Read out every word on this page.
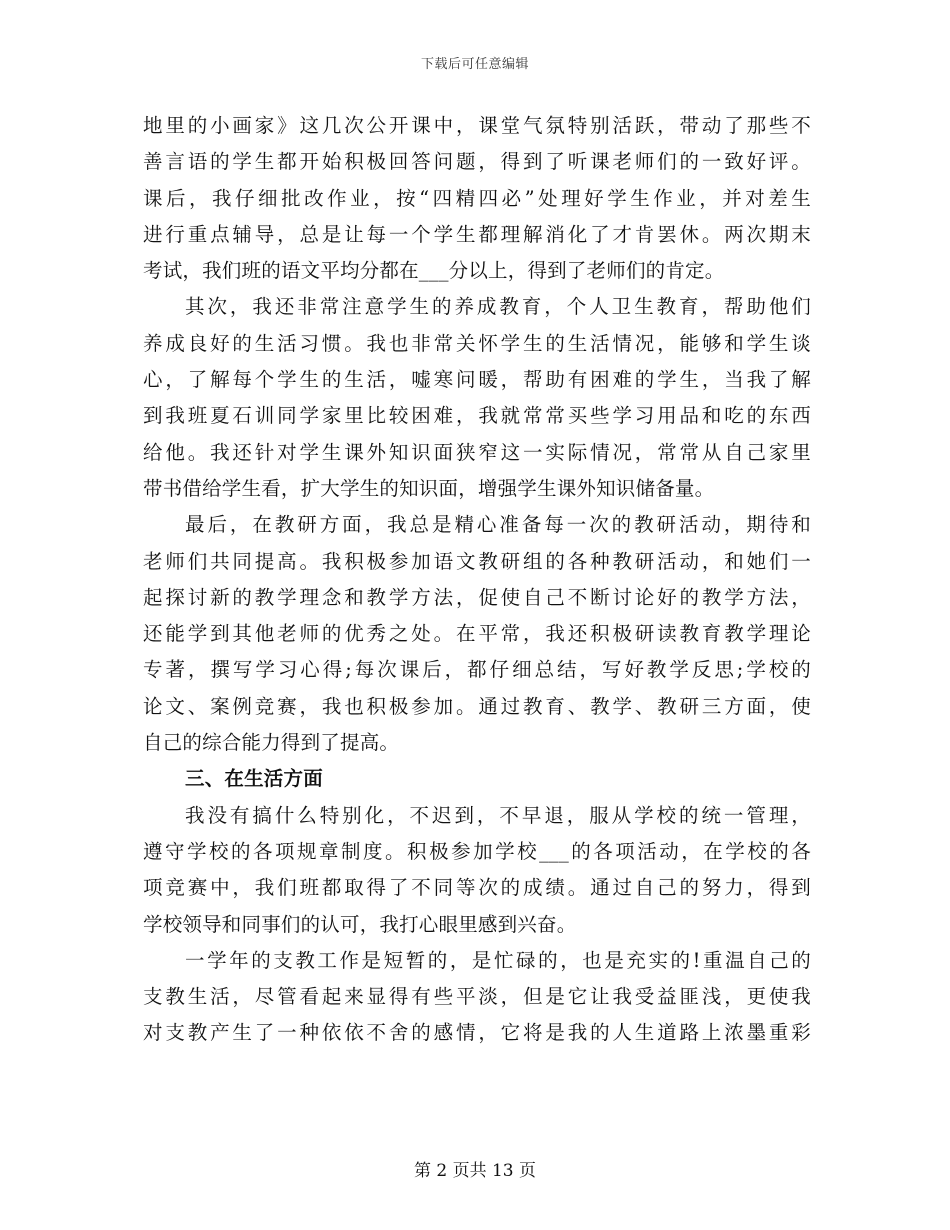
下载后可任意编辑
地里的小画家》这几次公开课中，课堂气氛特别活跃，带动了那些不
善言语的学生都开始积极回答问题，得到了听课老师们的一致好评。
课后，我仔细批改作业，按“四精四必”处理好学生作业，并对差生
进行重点辅导，总是让每一个学生都理解消化了才肯罢休。两次期末
考试，我们班的语文平均分都在___分以上，得到了老师们的肯定。
其次，我还非常注意学生的养成教育，个人卫生教育，帮助他们
养成良好的生活习惯。我也非常关怀学生的生活情况，能够和学生谈
心，了解每个学生的生活，嘘寒问暖，帮助有困难的学生，当我了解
到我班夏石训同学家里比较困难，我就常常买些学习用品和吃的东西
给他。我还针对学生课外知识面狭窄这一实际情况，常常从自己家里
带书借给学生看，扩大学生的知识面，增强学生课外知识储备量。
最后，在教研方面，我总是精心准备每一次的教研活动，期待和
老师们共同提高。我积极参加语文教研组的各种教研活动，和她们一
起探讨新的教学理念和教学方法，促使自己不断讨论好的教学方法，
还能学到其他老师的优秀之处。在平常，我还积极研读教育教学理论
专著，撰写学习心得;每次课后，都仔细总结，写好教学反思;学校的
论文、案例竞赛，我也积极参加。通过教育、教学、教研三方面，使
自己的综合能力得到了提高。
三、在生活方面
我没有搞什么特别化，不迟到，不早退，服从学校的统一管理，
遵守学校的各项规章制度。积极参加学校___的各项活动，在学校的各
项竞赛中，我们班都取得了不同等次的成绩。通过自己的努力，得到
学校领导和同事们的认可，我打心眼里感到兴奋。
一学年的支教工作是短暂的，是忙碌的，也是充实的!重温自己的
支教生活，尽管看起来显得有些平淡，但是它让我受益匪浅，更使我
对支教产生了一种依依不舍的感情，它将是我的人生道路上浓墨重彩
第 2 页共 13 页
